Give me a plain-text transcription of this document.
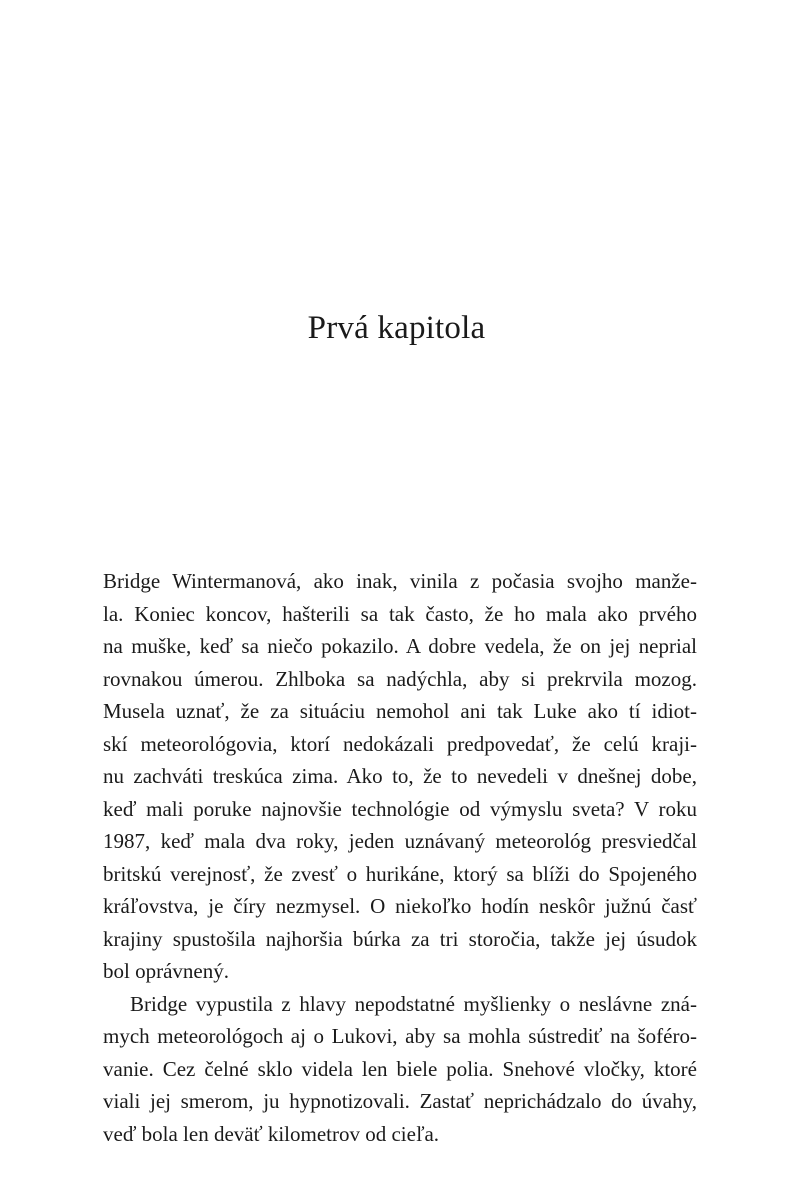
Prvá kapitola
Bridge Wintermanová, ako inak, vinila z počasia svojho manže-
la. Koniec koncov, hašterili sa tak často, že ho mala ako prvého
na muške, keď sa niečo pokazilo. A dobre vedela, že on jej neprial
rovnakou úmerou. Zhlboka sa nadýchla, aby si prekrvila mozog.
Musela uznať, že za situáciu nemohol ani tak Luke ako tí idiot-
skí meteorológovia, ktorí nedokázali predpovedať, že celú kraji-
nu zachváti treskúca zima. Ako to, že to nevedeli v dnešnej dobe,
keď mali poruke najnovšie technológie od výmyslu sveta? V roku
1987, keď mala dva roky, jeden uznávaný meteorológ presviedčal
britskú verejnosť, že zvesť o hurikáne, ktorý sa blíži do Spojeného
kráľovstva, je číry nezmysel. O niekoľko hodín neskôr južnú časť
krajiny spustošila najhoršia búrka za tri storočia, takže jej úsudok
bol oprávnený.
Bridge vypustila z hlavy nepodstatné myšlienky o neslávne zná-
mych meteorológoch aj o Lukovi, aby sa mohla sústrediť na šoféro-
vanie. Cez čelné sklo videla len biele polia. Snehové vločky, ktoré
viali jej smerom, ju hypnotizovali. Zastať neprichádzalo do úvahy,
veď bola len deväť kilometrov od cieľa.
